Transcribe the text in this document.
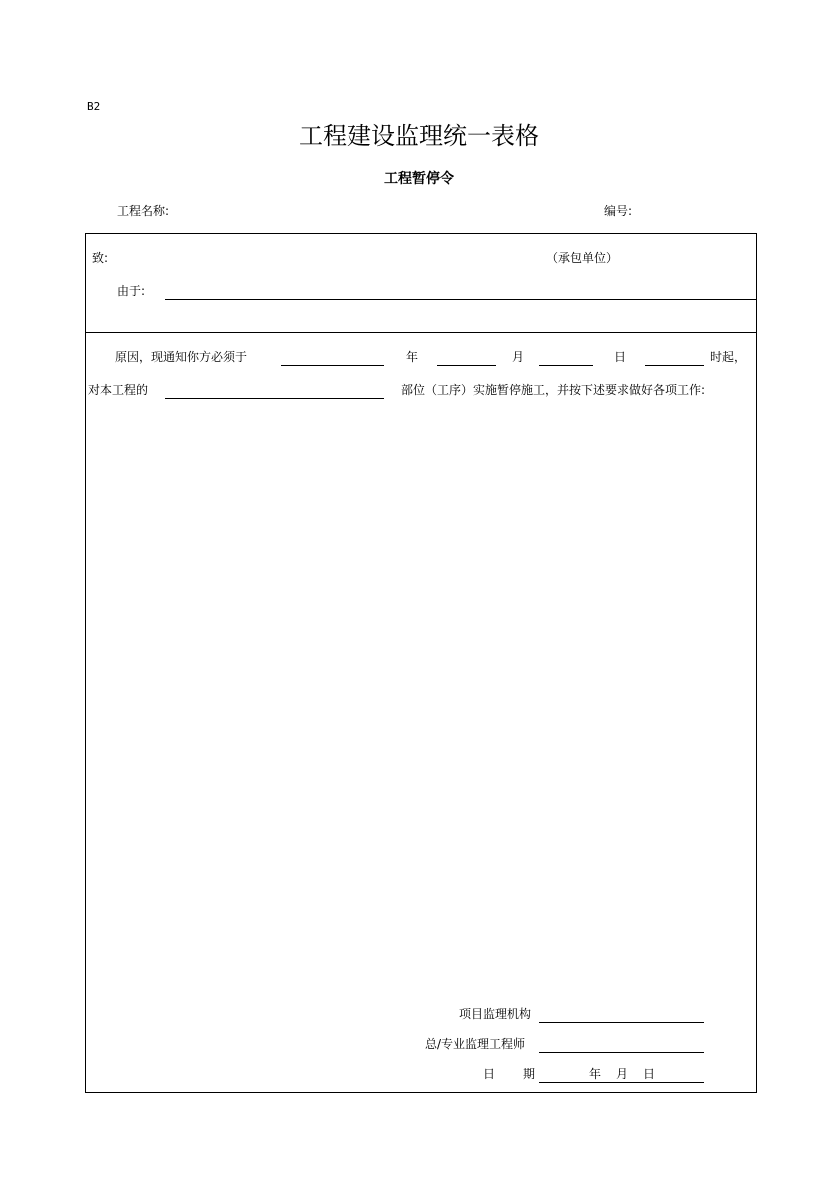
B2
工程建设监理统一表格
工程暂停令
工程名称:	编号:
致:	（承包单位）
由于:
原因，现通知你方必须于	年	月	日	时起，
对本工程的	部位（工序）实施暂停施工，并按下述要求做好各项工作:
项目监理机构
总/专业监理工程师
日 期	年 月 日
